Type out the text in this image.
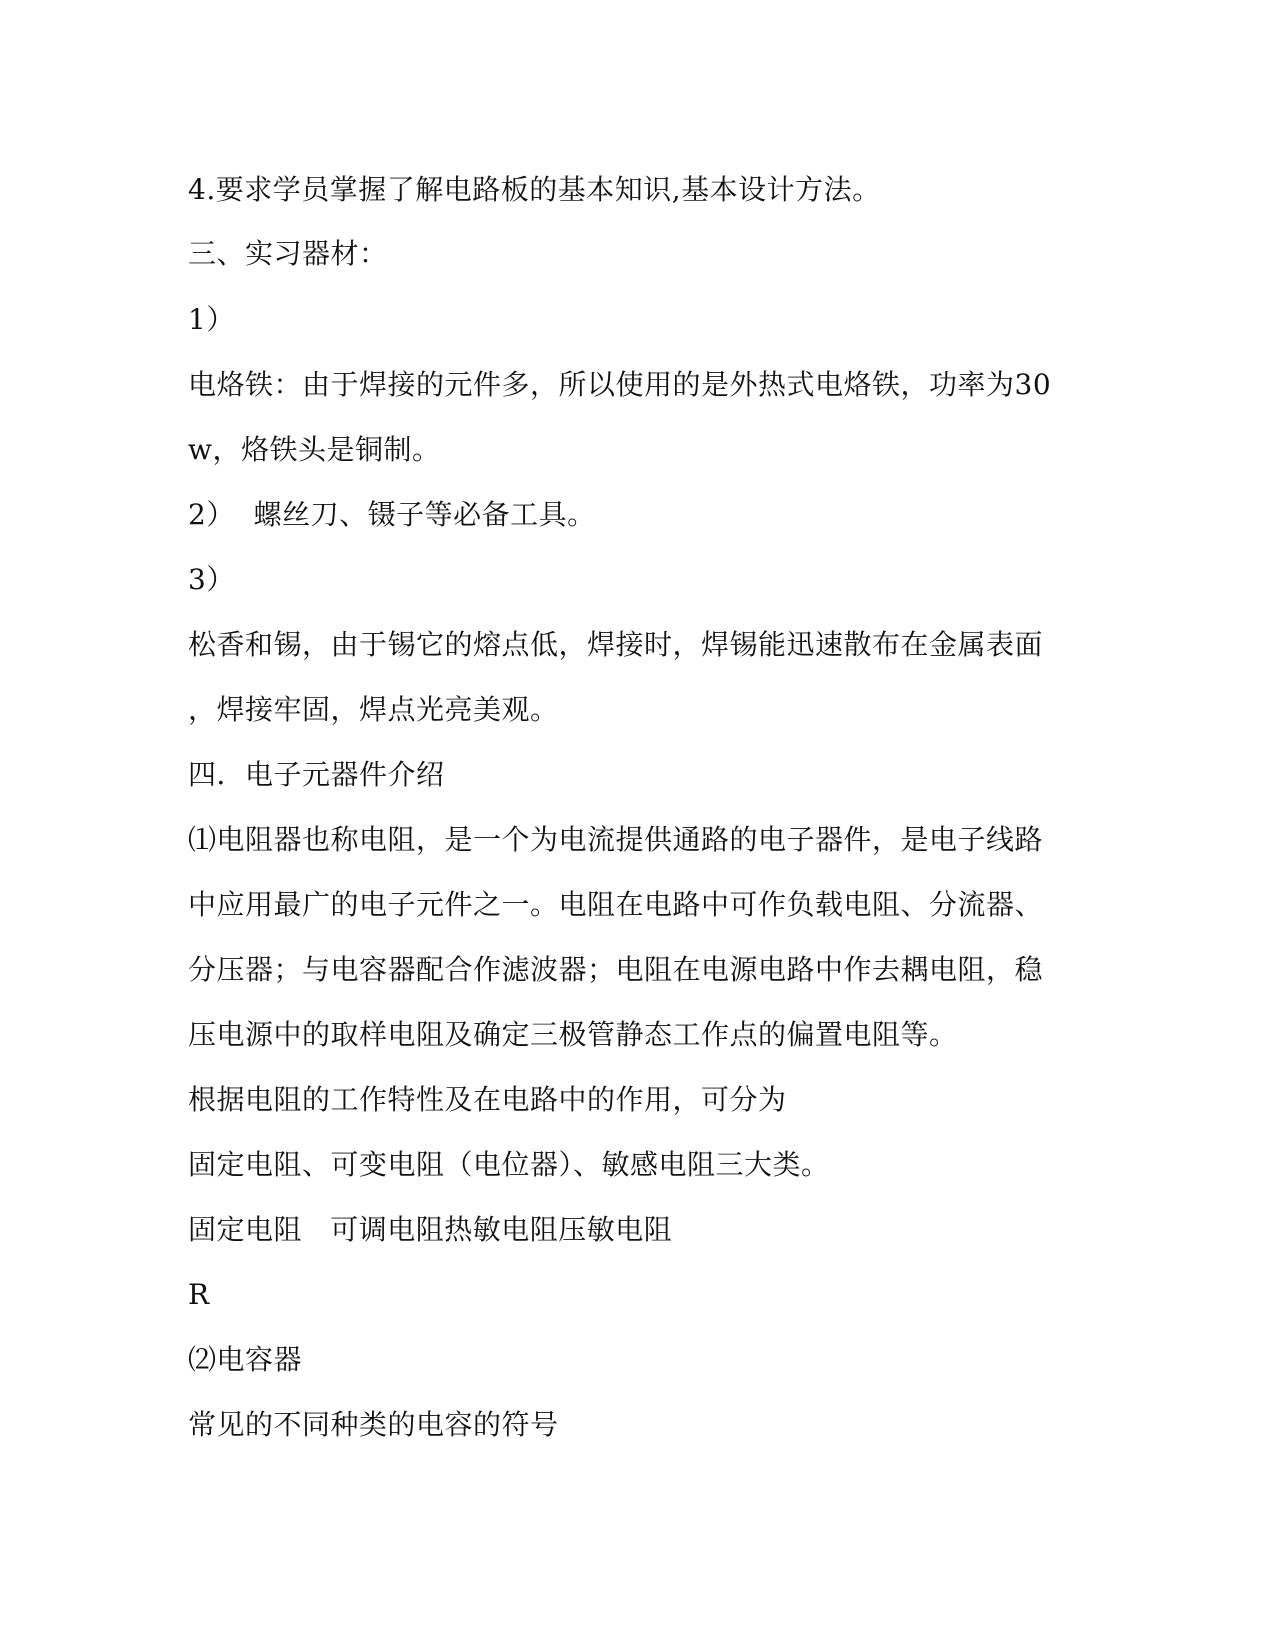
4.要求学员掌握了解电路板的基本知识,基本设计方法。
三、实习器材：
1）
电烙铁：由于焊接的元件多，所以使用的是外热式电烙铁，功率为30
w，烙铁头是铜制。
2）  螺丝刀、镊子等必备工具。
3）
松香和锡，由于锡它的熔点低，焊接时，焊锡能迅速散布在金属表面
，焊接牢固，焊点光亮美观。
四．电子元器件介绍
⑴电阻器也称电阻，是一个为电流提供通路的电子器件，是电子线路
中应用最广的电子元件之一。电阻在电路中可作负载电阻、分流器、
分压器；与电容器配合作滤波器；电阻在电源电路中作去耦电阻，稳
压电源中的取样电阻及确定三极管静态工作点的偏置电阻等。
根据电阻的工作特性及在电路中的作用，可分为
固定电阻、可变电阻（电位器）、敏感电阻三大类。
固定电阻   可调电阻热敏电阻压敏电阻
R
⑵电容器
常见的不同种类的电容的符号
